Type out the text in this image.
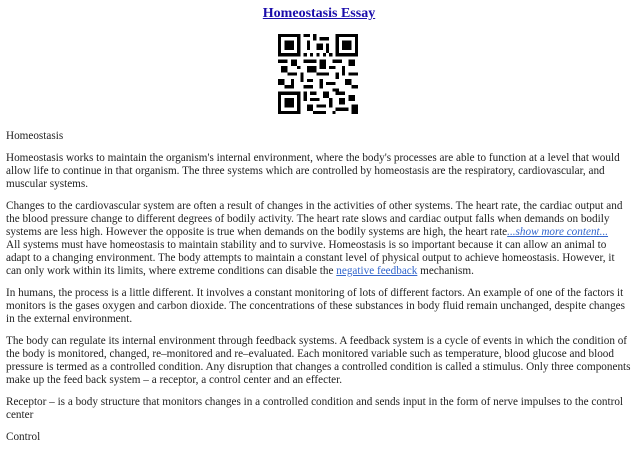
Homeostasis Essay

Homeostasis

Homeostasis works to maintain the organism's internal environment, where the body's processes are able to function at a level that would allow life to continue in that organism. The three systems which are controlled by homeostasis are the respiratory, cardiovascular, and muscular systems.

Changes to the cardiovascular system are often a result of changes in the activities of other systems. The heart rate, the cardiac output and the blood pressure change to different degrees of bodily activity. The heart rate slows and cardiac output falls when demands on bodily systems are less high. However the opposite is true when demands on the bodily systems are high, the heart rate...show more content...

All systems must have homeostasis to maintain stability and to survive. Homeostasis is so important because it can allow an animal to adapt to a changing environment. The body attempts to maintain a constant level of physical output to achieve homeostasis. However, it can only work within its limits, where extreme conditions can disable the negative feedback mechanism.

In humans, the process is a little different. It involves a constant monitoring of lots of different factors. An example of one of the factors it monitors is the gases oxygen and carbon dioxide. The concentrations of these substances in body fluid remain unchanged, despite changes in the external environment.

The body can regulate its internal environment through feedback systems. A feedback system is a cycle of events in which the condition of the body is monitored, changed, re–monitored and re–evaluated. Each monitored variable such as temperature, blood glucose and blood pressure is termed as a controlled condition. Any disruption that changes a controlled condition is called a stimulus. Only three components make up the feed back system – a receptor, a control center and an effecter.

Receptor – is a body structure that monitors changes in a controlled condition and sends input in the form of nerve impulses to the control center

Control
